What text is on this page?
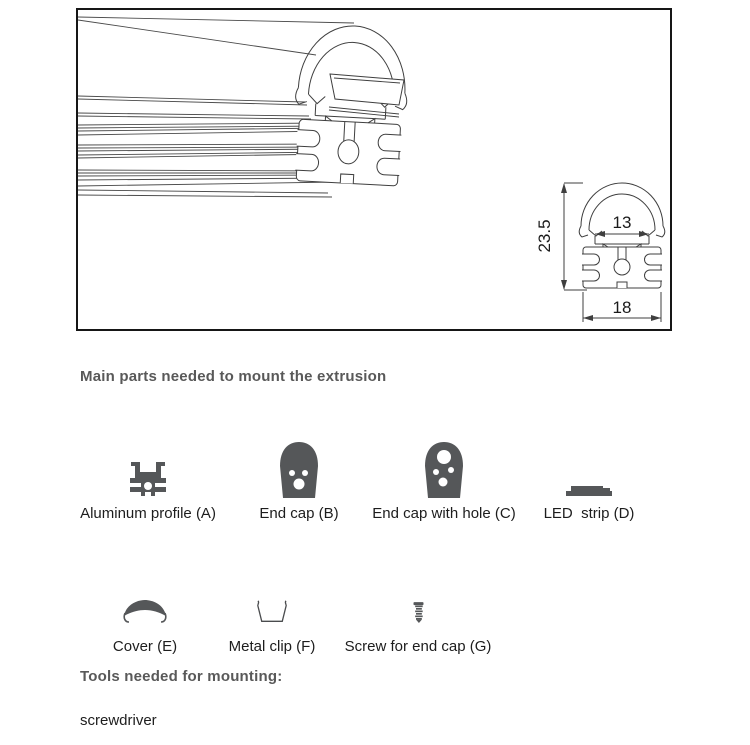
23.5	13
18
Main parts needed to mount the extrusion
Aluminum profile (A)	End cap (B) End cap with hole (C) LED  strip (D)
Cover (E)	Metal clip (F) Screw for end cap (G)
Tools needed for mounting:
screwdriver
